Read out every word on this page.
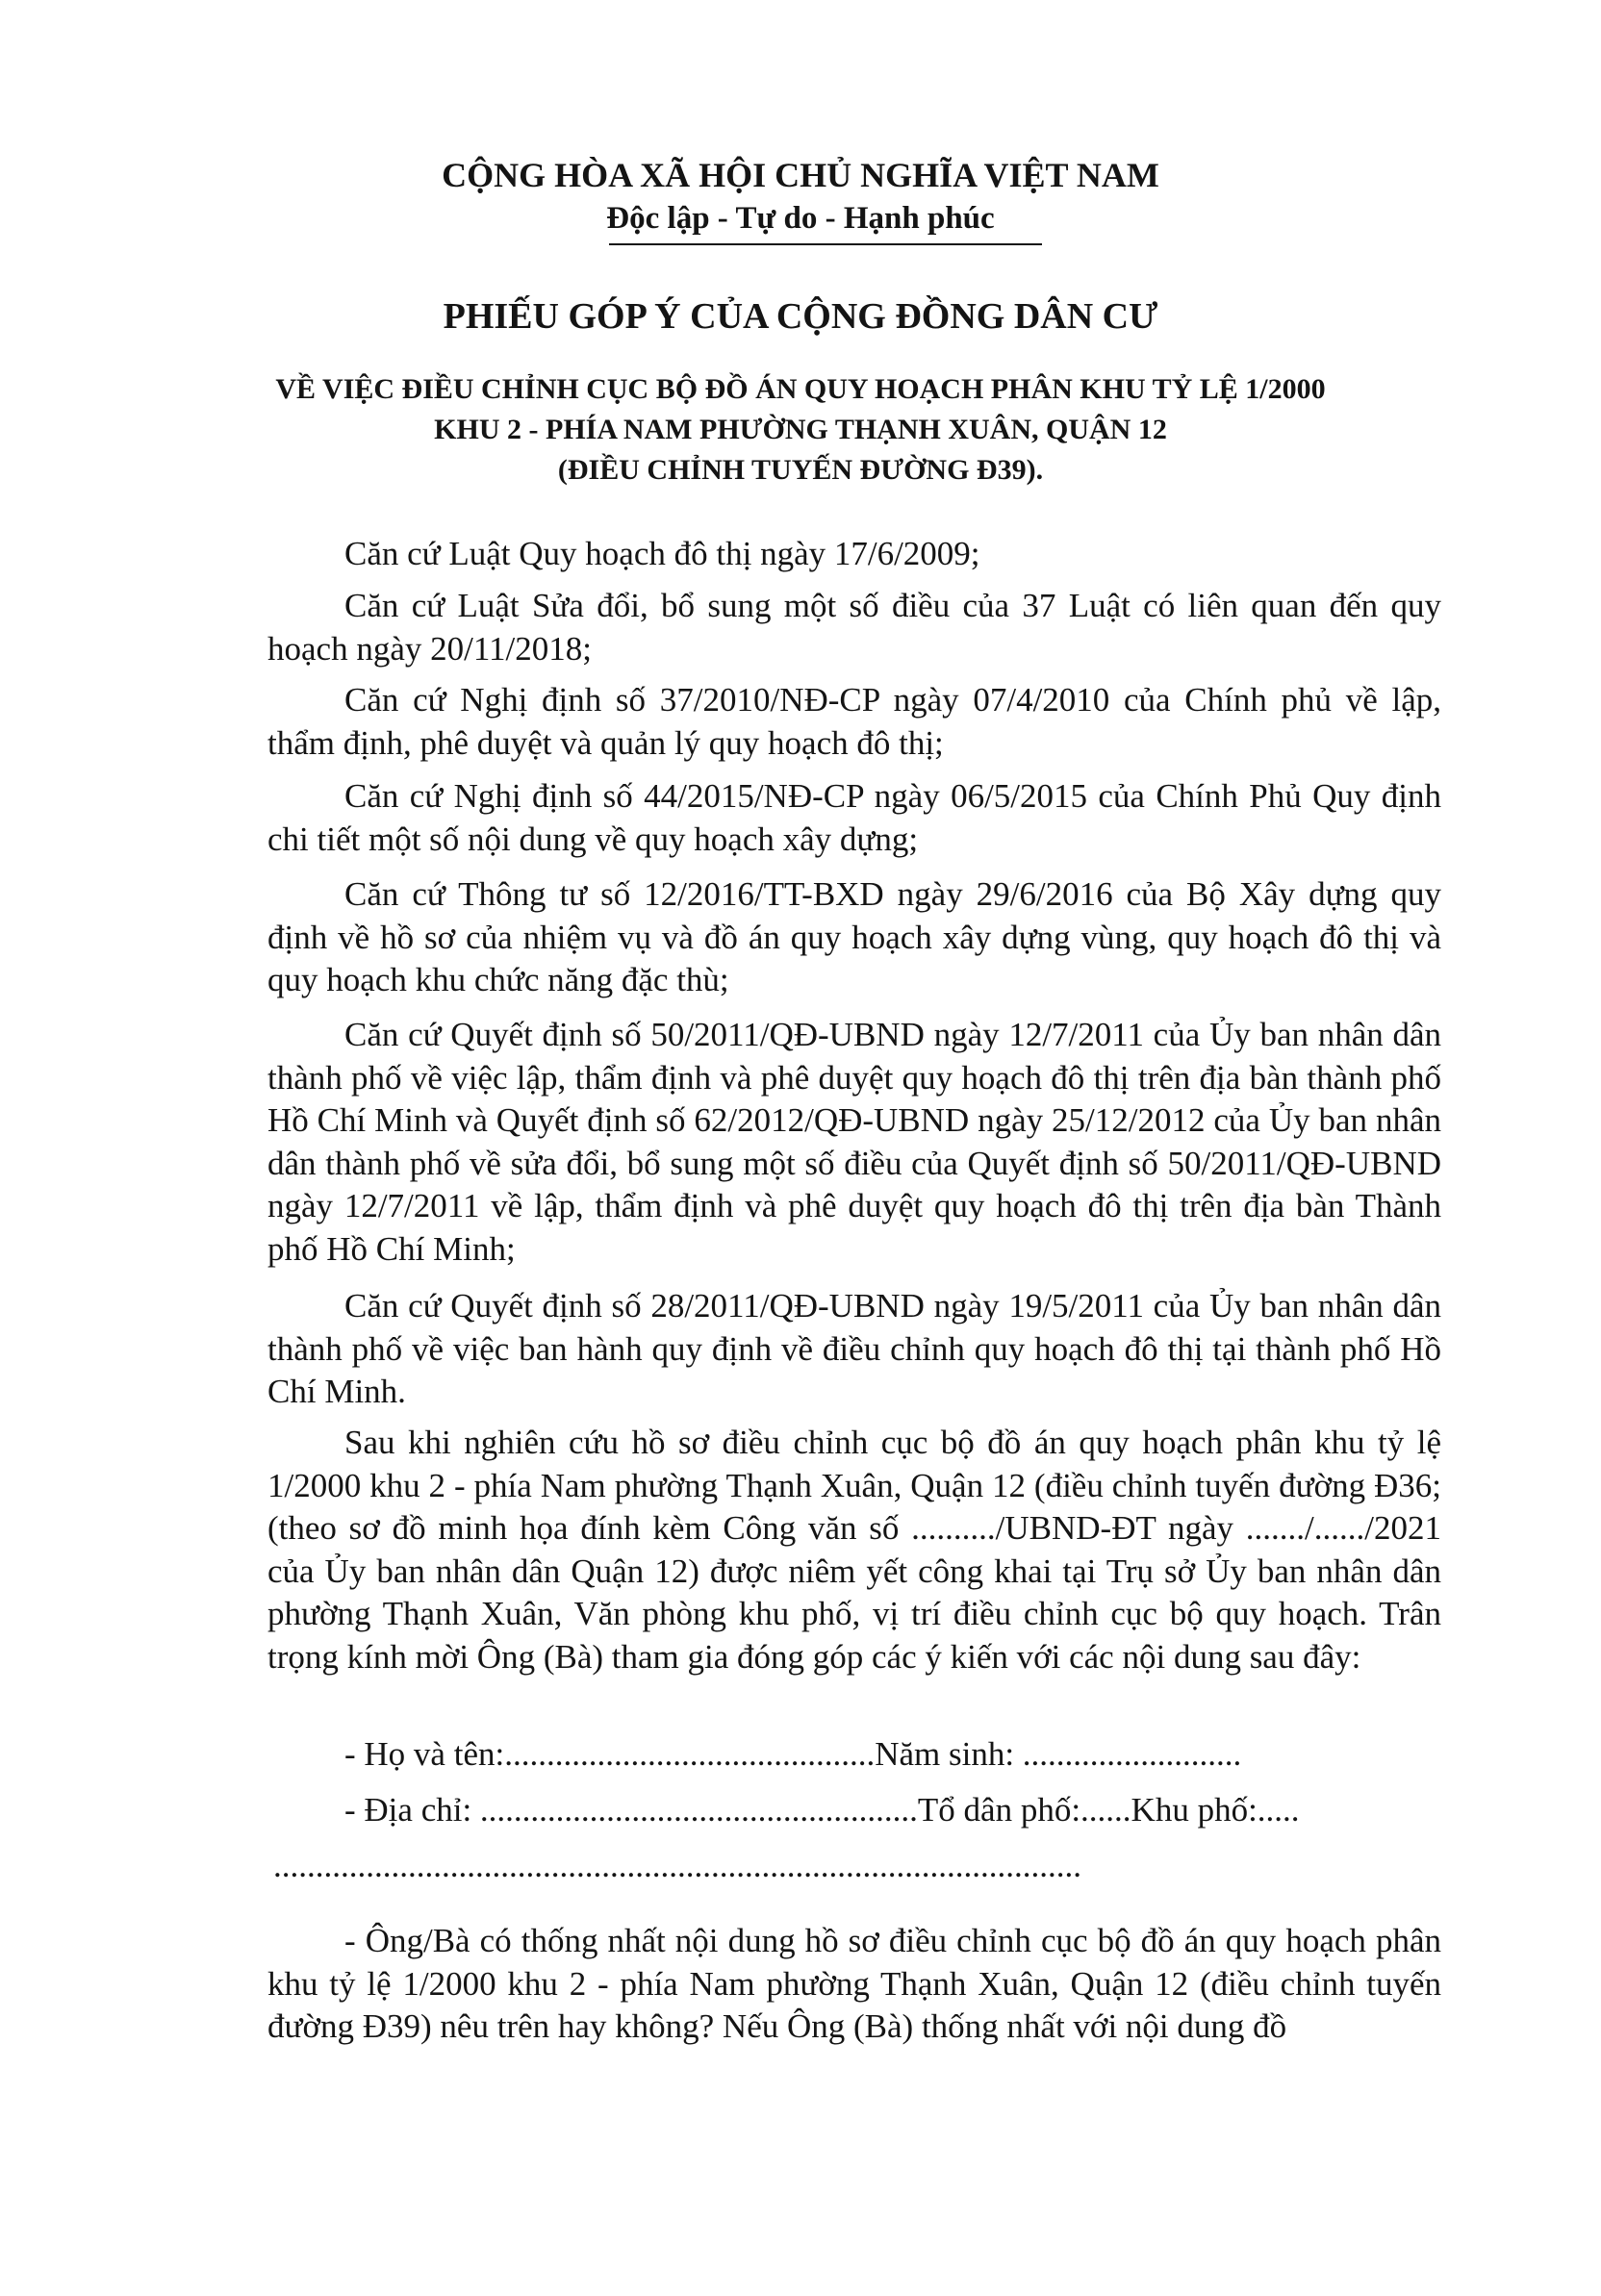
CỘNG HÒA XÃ HỘI CHỦ NGHĨA VIỆT NAM
Độc lập - Tự do - Hạnh phúc
PHIẾU GÓP Ý CỦA CỘNG ĐỒNG DÂN CƯ
VỀ VIỆC ĐIỀU CHỈNH CỤC BỘ ĐỒ ÁN QUY HOẠCH PHÂN KHU TỶ LỆ 1/2000
KHU 2 - PHÍA NAM PHƯỜNG THẠNH XUÂN, QUẬN 12
(ĐIỀU CHỈNH TUYẾN ĐƯỜNG Đ39).

Căn cứ Luật Quy hoạch đô thị ngày 17/6/2009;

Căn cứ Luật Sửa đổi, bổ sung một số điều của 37 Luật có liên quan đến quy hoạch ngày 20/11/2018;

Căn cứ Nghị định số 37/2010/NĐ-CP ngày 07/4/2010 của Chính phủ về lập, thẩm định, phê duyệt và quản lý quy hoạch đô thị;

Căn cứ Nghị định số 44/2015/NĐ-CP ngày 06/5/2015 của Chính Phủ Quy định chi tiết một số nội dung về quy hoạch xây dựng;

Căn cứ Thông tư số 12/2016/TT-BXD ngày 29/6/2016 của Bộ Xây dựng quy định về hồ sơ của nhiệm vụ và đồ án quy hoạch xây dựng vùng, quy hoạch đô thị và quy hoạch khu chức năng đặc thù;

Căn cứ Quyết định số 50/2011/QĐ-UBND ngày 12/7/2011 của Ủy ban nhân dân thành phố về việc lập, thẩm định và phê duyệt quy hoạch đô thị trên địa bàn thành phố Hồ Chí Minh và Quyết định số 62/2012/QĐ-UBND ngày 25/12/2012 của Ủy ban nhân dân thành phố về sửa đổi, bổ sung một số điều của Quyết định số 50/2011/QĐ-UBND ngày 12/7/2011 về lập, thẩm định và phê duyệt quy hoạch đô thị trên địa bàn Thành phố Hồ Chí Minh;

Căn cứ Quyết định số 28/2011/QĐ-UBND ngày 19/5/2011 của Ủy ban nhân dân thành phố về việc ban hành quy định về điều chỉnh quy hoạch đô thị tại thành phố Hồ Chí Minh.

Sau khi nghiên cứu hồ sơ điều chỉnh cục bộ đồ án quy hoạch phân khu tỷ lệ 1/2000 khu 2 - phía Nam phường Thạnh Xuân, Quận 12 (điều chỉnh tuyến đường Đ36; (theo sơ đồ minh họa đính kèm Công văn số ........../UBND-ĐT ngày ......./....../2021 của Ủy ban nhân dân Quận 12) được niêm yết công khai tại Trụ sở Ủy ban nhân dân phường Thạnh Xuân, Văn phòng khu phố, vị trí điều chỉnh cục bộ quy hoạch. Trân trọng kính mời Ông (Bà) tham gia đóng góp các ý kiến với các nội dung sau đây:

- Họ và tên:............................................Năm sinh: ..........................
- Địa chỉ: ....................................................Tổ dân phố:......Khu phố:.....
................................................................................................

- Ông/Bà có thống nhất nội dung hồ sơ điều chỉnh cục bộ đồ án quy hoạch phân khu tỷ lệ 1/2000 khu 2 - phía Nam phường Thạnh Xuân, Quận 12 (điều chỉnh tuyến đường Đ39) nêu trên hay không? Nếu Ông (Bà) thống nhất với nội dung đồ
